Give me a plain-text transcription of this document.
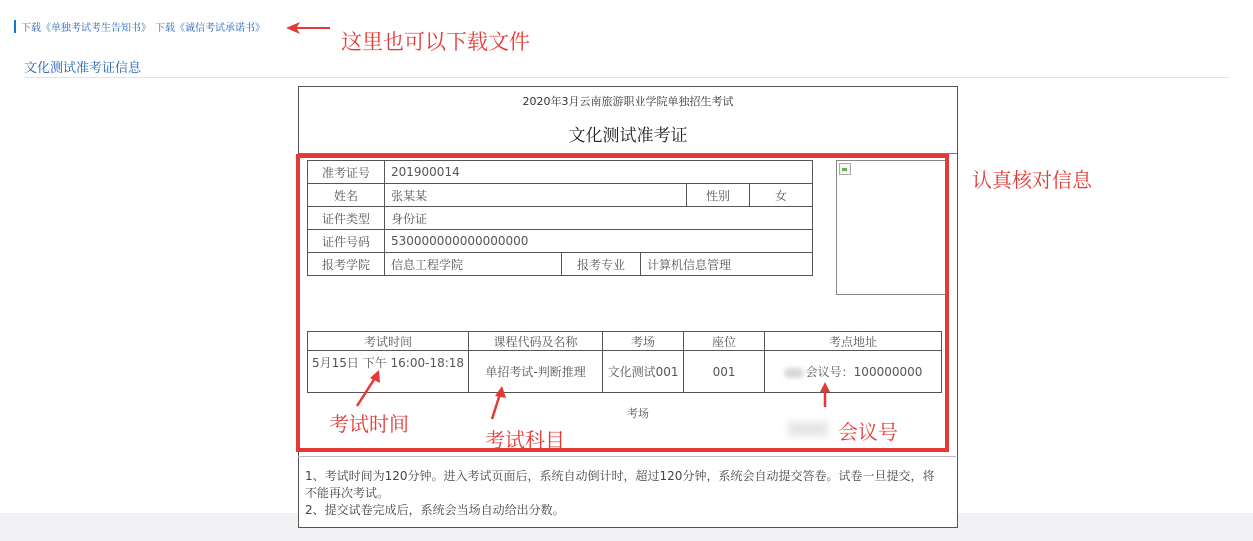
下载《单独考试考生告知书》 下载《诚信考试承诺书》
这里也可以下载文件
文化测试准考证信息
2020年3月云南旅游职业学院单独招生考试
文化测试准考证
准考证号	201900014				
姓名	张某某			性别	女
证件类型	身份证				
证件号码	530000000000000000				
报考学院	信息工程学院	报考专业	计算机信息管理		
考试时间	课程代码及名称	考场	座位	考点地址
5月15日 下午 16:00-18:18	单招考试-判断推理	文化测试001	001	会议号：100000000
考场
认真核对信息
考试时间
考试科目	会议号
1、考试时间为120分钟。进入考试页面后，系统自动倒计时，超过120分钟，系统会自动提交答卷。试卷一旦提交，将不能再次考试。
2、提交试卷完成后，系统会当场自动给出分数。
